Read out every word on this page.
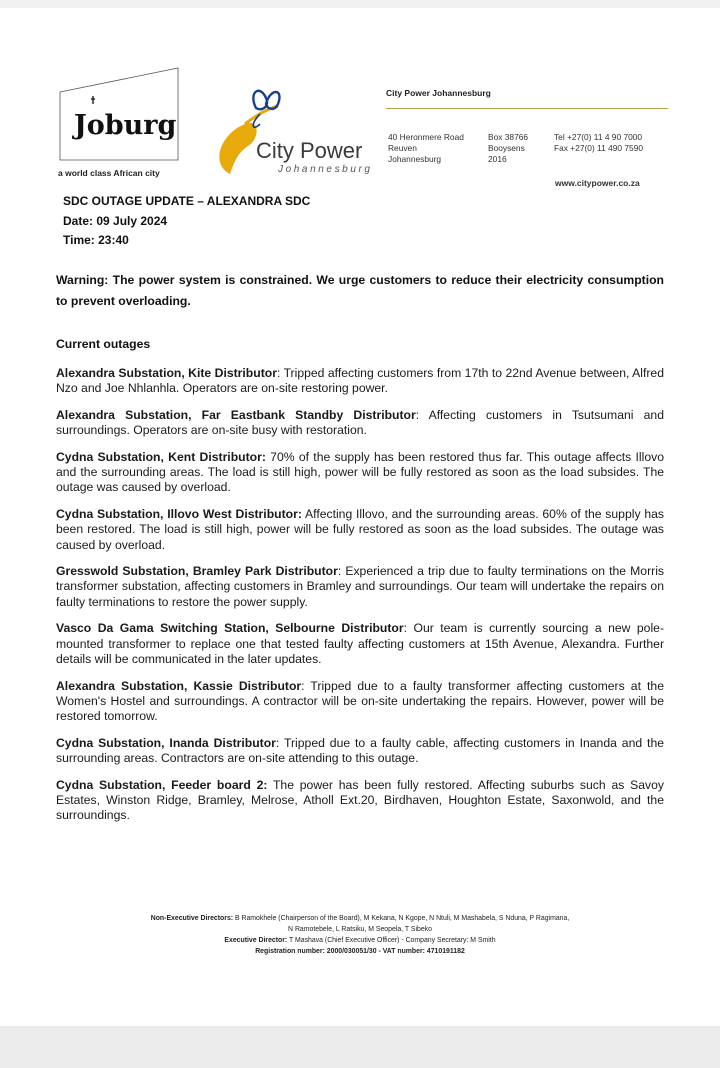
Joburg
a world class African city
City Power
Johannesburg
City Power Johannesburg
40 Heronmere Road
Reuven
Johannesburg
Box 38766
Booysens
2016
Tel +27(0) 11 4 90 7000
Fax +27(0) 11 490 7590
www.citypower.co.za
SDC OUTAGE UPDATE – ALEXANDRA SDC
Date: 09 July 2024
Time: 23:40
Warning: The power system is constrained. We urge customers to reduce their electricity consumption to prevent overloading.
Current outages

Alexandra Substation, Kite Distributor: Tripped affecting customers from 17th to 22nd Avenue between, Alfred Nzo and Joe Nhlanhla. Operators are on-site restoring power.

Alexandra Substation, Far Eastbank Standby Distributor: Affecting customers in Tsutsumani and surroundings. Operators are on-site busy with restoration.

Cydna Substation, Kent Distributor: 70% of the supply has been restored thus far. This outage affects Illovo and the surrounding areas. The load is still high, power will be fully restored as soon as the load subsides. The outage was caused by overload.

Cydna Substation, Illovo West Distributor: Affecting Illovo, and the surrounding areas. 60% of the supply has been restored. The load is still high, power will be fully restored as soon as the load subsides. The outage was caused by overload.

Gresswold Substation, Bramley Park Distributor: Experienced a trip due to faulty terminations on the Morris transformer substation, affecting customers in Bramley and surroundings. Our team will undertake the repairs on faulty terminations to restore the power supply.

Vasco Da Gama Switching Station, Selbourne Distributor: Our team is currently sourcing a new pole-mounted transformer to replace one that tested faulty affecting customers at 15th Avenue, Alexandra. Further details will be communicated in the later updates.

Alexandra Substation, Kassie Distributor: Tripped due to a faulty transformer affecting customers at the Women's Hostel and surroundings. A contractor will be on-site undertaking the repairs. However, power will be restored tomorrow.

Cydna Substation, Inanda Distributor: Tripped due to a faulty cable, affecting customers in Inanda and the surrounding areas. Contractors are on-site attending to this outage.

Cydna Substation, Feeder board 2: The power has been fully restored. Affecting suburbs such as Savoy Estates, Winston Ridge, Bramley, Melrose, Atholl Ext.20, Birdhaven, Houghton Estate, Saxonwold, and the surroundings.

Non-Executive Directors: B Ramokhele (Chairperson of the Board), M Kekana, N Kgope, N Ntuli, M Mashabela, S Nduna, P Ragimana,
N Ramotebele, L Ratsiku, M Seopela, T Sibeko
Executive Director: T Mashava (Chief Executive Officer) - Company Secretary: M Smith
Registration number: 2000/030051/30 - VAT number: 4710191182
